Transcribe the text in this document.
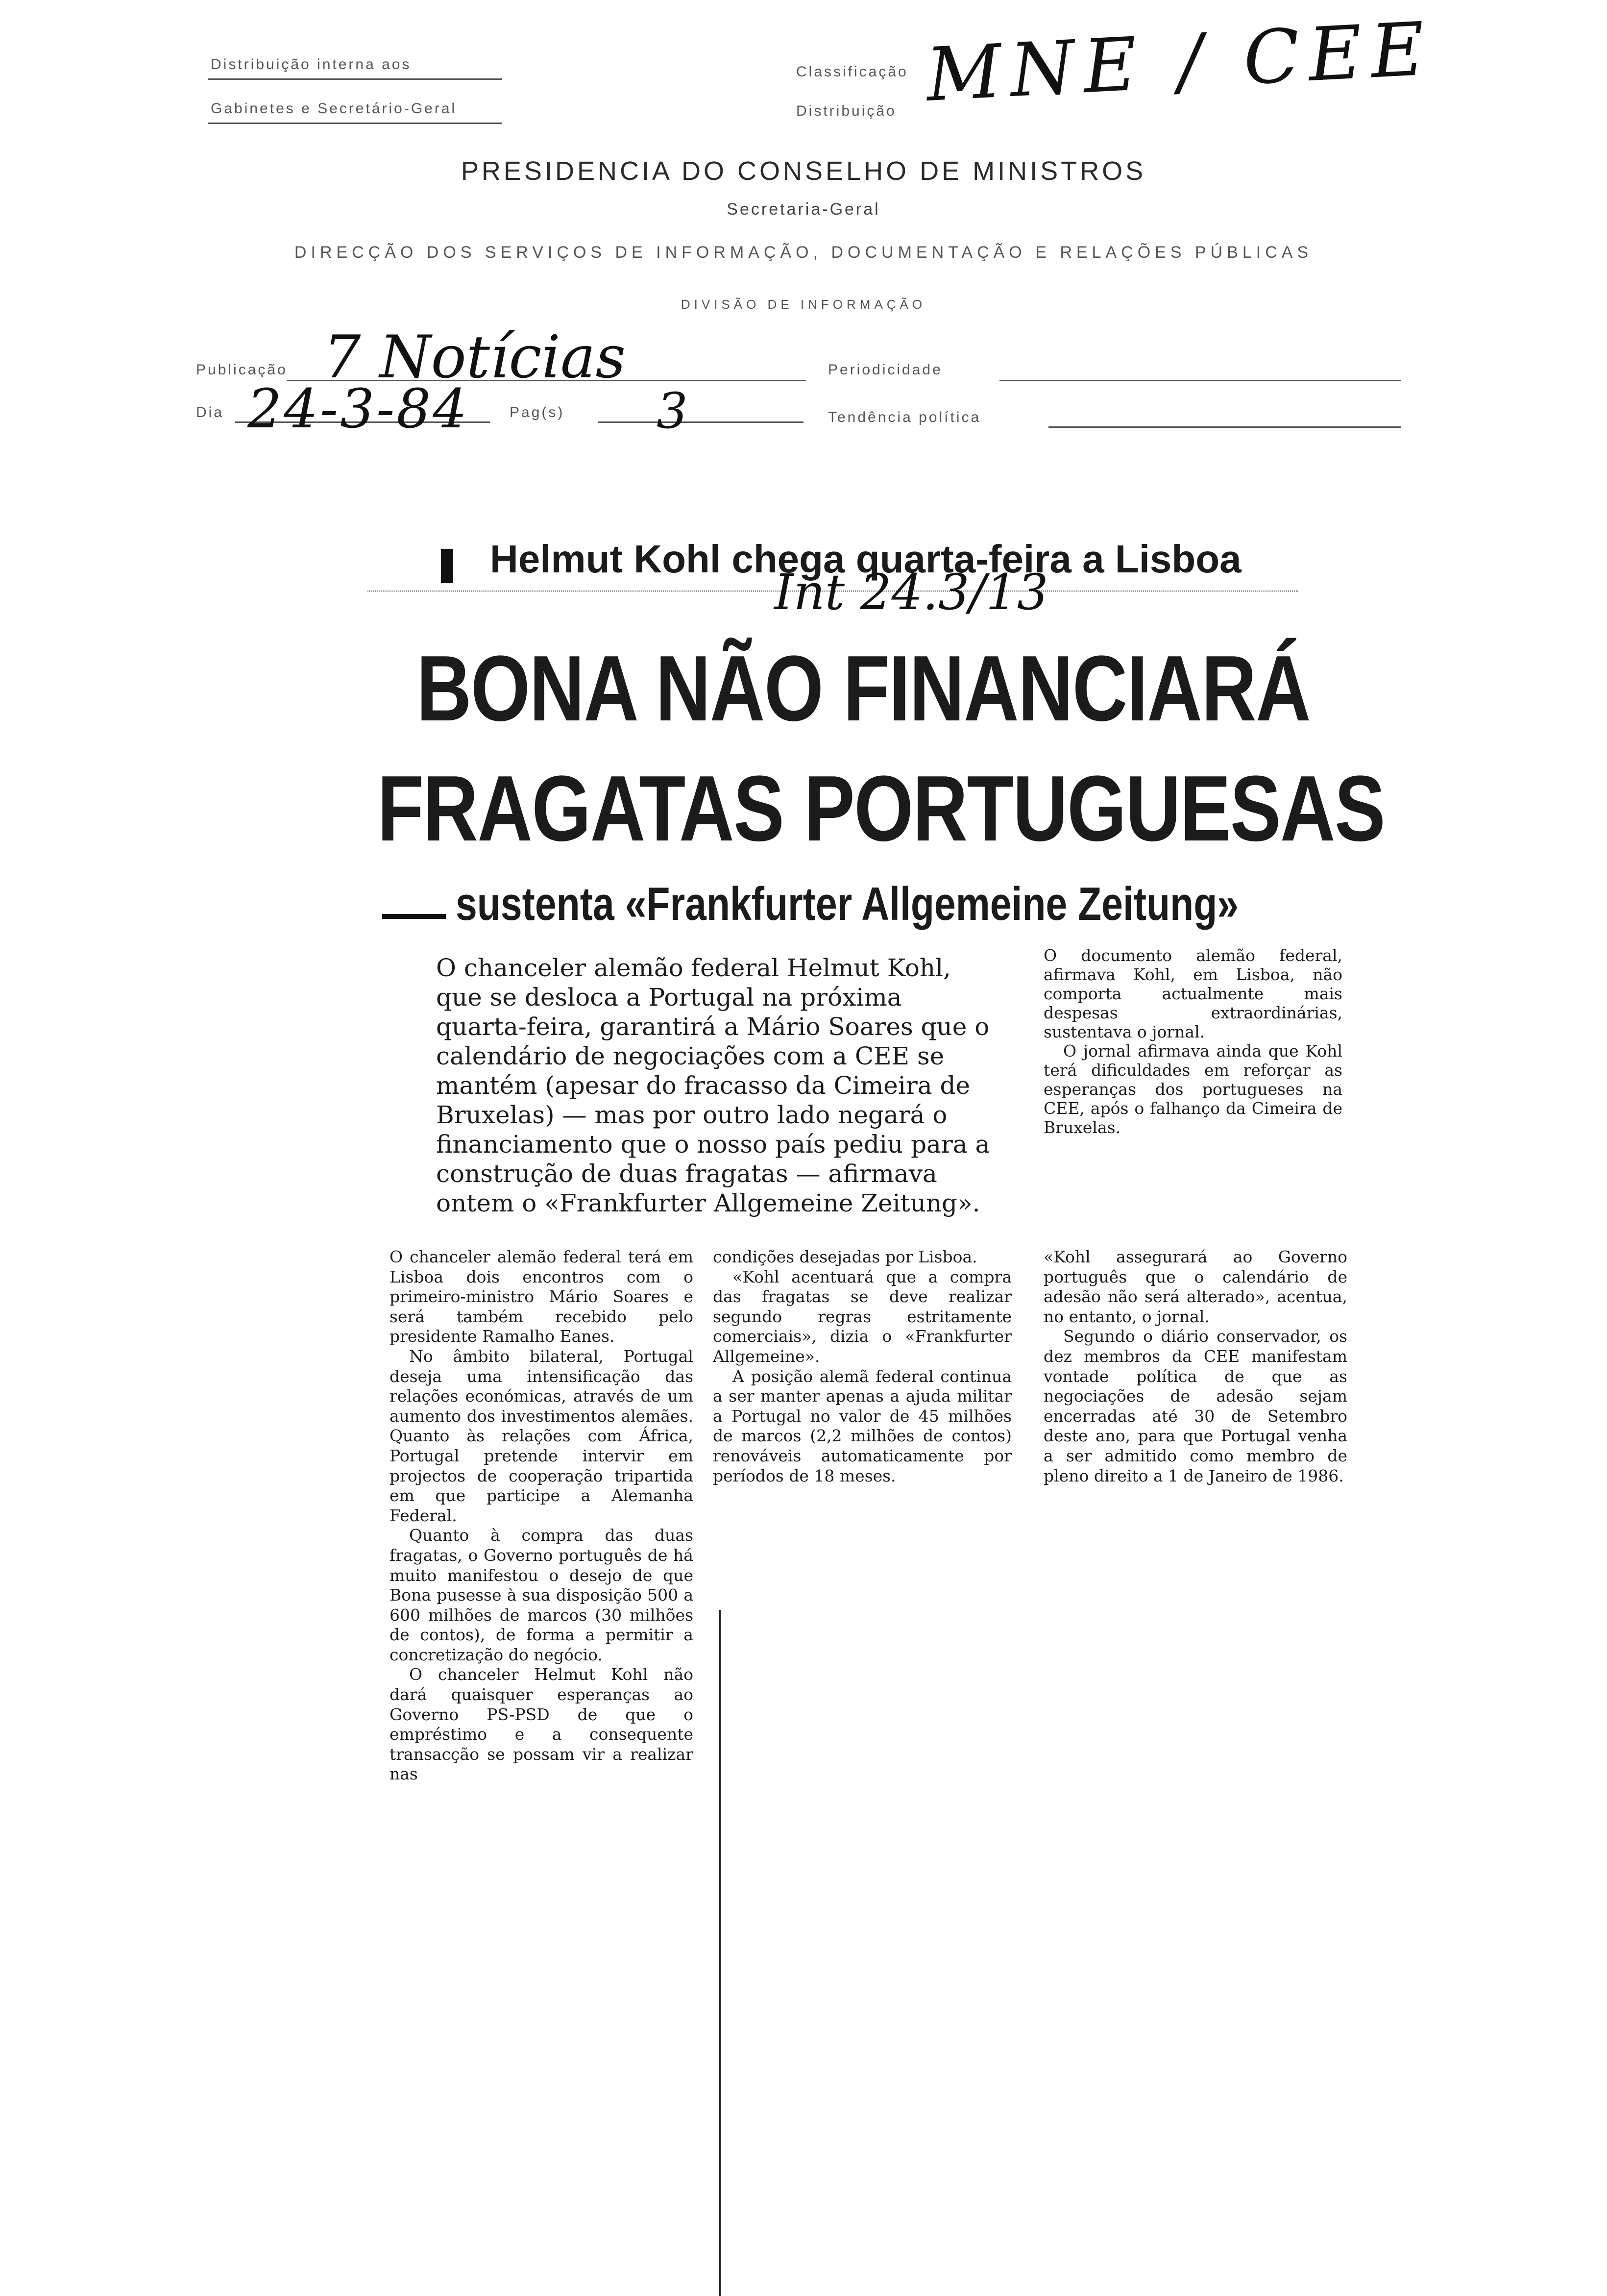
Distribuição interna aos
Gabinetes e Secretário-Geral
Classificação
Distribuição MNE / CEE
PRESIDENCIA DO CONSELHO DE MINISTROS
Secretaria-Geral
DIRECÇÃO DOS SERVIÇOS DE INFORMAÇÃO, DOCUMENTAÇÃO E RELAÇÕES PÚBLICAS
DIVISÃO DE INFORMAÇÃO
Publicação 7 Notícias	Periodicidade
Dia 24-3-84	Pag(s) 3	Tendência política
Helmut Kohl chega quarta-feira a Lisboa
Int 24.3/13
BONA NÃO FINANCIARÁ
FRAGATAS PORTUGUESAS
sustenta «Frankfurter Allgemeine Zeitung»
O chanceler alemão federal Helmut Kohl, que se desloca a Portugal na próxima quarta-feira, garantirá a Mário Soares que o calendário de negociações com a CEE se mantém (apesar do fracasso da Cimeira de Bruxelas) — mas por outro lado negará o financiamento que o nosso país pediu para a construção de duas fragatas — afirmava ontem o «Frankfurter Allgemeine Zeitung».

O documento alemão federal, afirmava Kohl, em Lisboa, não comporta actualmente mais despesas extraordinárias, sustentava o jornal.

O jornal afirmava ainda que Kohl terá dificuldades em reforçar as esperanças dos portugueses na CEE, após o falhanço da Cimeira de Bruxelas.

O chanceler alemão federal terá em Lisboa dois encontros com o primeiro-ministro Mário Soares e será também recebido pelo presidente Ramalho Eanes.

No âmbito bilateral, Portugal deseja uma intensificação das relações económicas, através de um aumento dos investimentos alemães. Quanto às relações com África, Portugal pretende intervir em projectos de cooperação tripartida em que participe a Alemanha Federal.

Quanto à compra das duas fragatas, o Governo português de há muito manifestou o desejo de que Bona pusesse à sua disposição 500 a 600 milhões de marcos (30 milhões de contos), de forma a permitir a concretização do negócio.

O chanceler Helmut Kohl não dará quaisquer esperanças ao Governo PS-PSD de que o empréstimo e a consequente transacção se possam vir a realizar nas

condições desejadas por Lisboa.

«Kohl acentuará que a compra das fragatas se deve realizar segundo regras estritamente comerciais», dizia o «Frankfurter Allgemeine».

A posição alemã federal continua a ser manter apenas a ajuda militar a Portugal no valor de 45 milhões de marcos (2,2 milhões de contos) renováveis automaticamente por períodos de 18 meses.

«Kohl assegurará ao Governo português que o calendário de adesão não será alterado», acentua, no entanto, o jornal.

Segundo o diário conservador, os dez membros da CEE manifestam vontade política de que as negociações de adesão sejam encerradas até 30 de Setembro deste ano, para que Portugal venha a ser admitido como membro de pleno direito a 1 de Janeiro de 1986.
